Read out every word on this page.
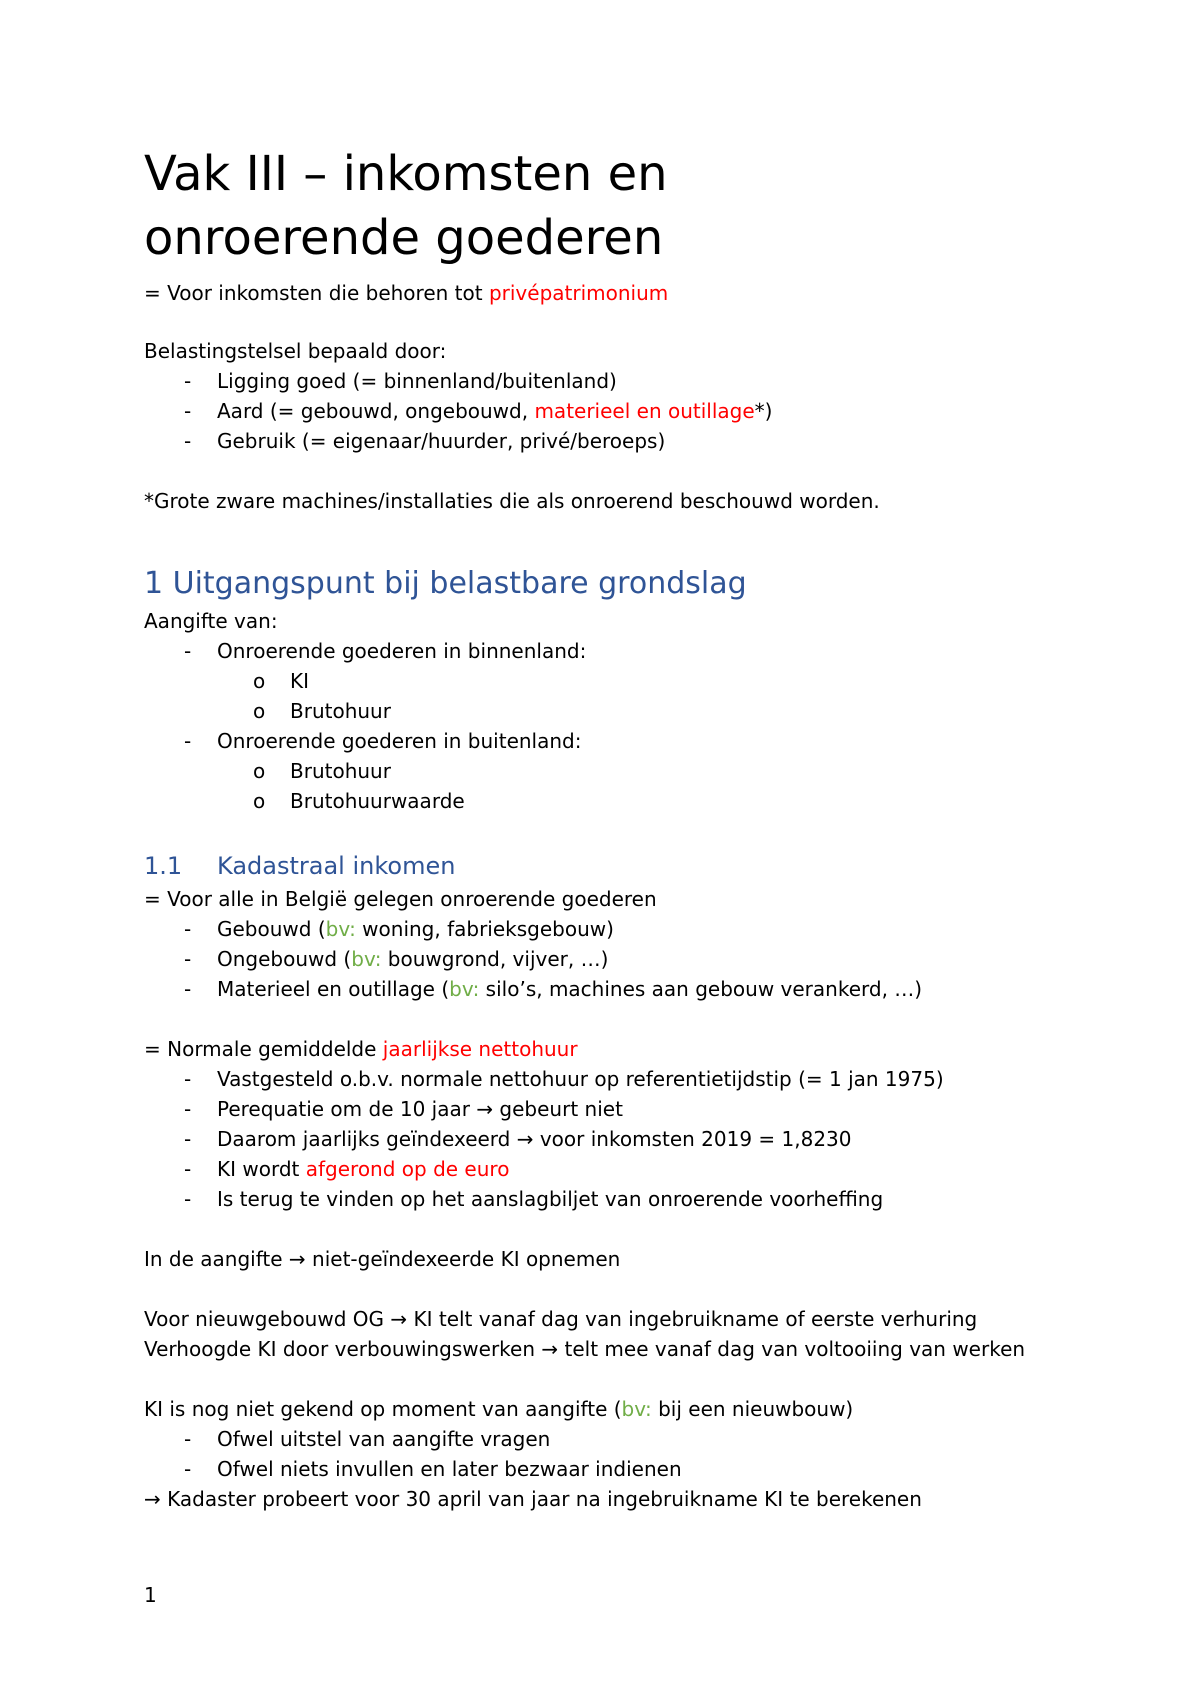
Vak III – inkomsten en
onroerende goederen
= Voor inkomsten die behoren tot privépatrimonium
Belastingstelsel bepaald door:
- Ligging goed (= binnenland/buitenland)
- Aard (= gebouwd, ongebouwd, materieel en outillage*)
- Gebruik (= eigenaar/huurder, privé/beroeps)
*Grote zware machines/installaties die als onroerend beschouwd worden.
1 Uitgangspunt bij belastbare grondslag
Aangifte van:
- Onroerende goederen in binnenland:
o KI
o Brutohuur
- Onroerende goederen in buitenland:
o Brutohuur
o Brutohuurwaarde
1.1 Kadastraal inkomen
= Voor alle in België gelegen onroerende goederen
- Gebouwd (bv: woning, fabrieksgebouw)
- Ongebouwd (bv: bouwgrond, vijver, …)
- Materieel en outillage (bv: silo’s, machines aan gebouw verankerd, …)
= Normale gemiddelde jaarlijkse nettohuur
- Vastgesteld o.b.v. normale nettohuur op referentietijdstip (= 1 jan 1975)
- Perequatie om de 10 jaar → gebeurt niet
- Daarom jaarlijks geïndexeerd → voor inkomsten 2019 = 1,8230
- KI wordt afgerond op de euro
- Is terug te vinden op het aanslagbiljet van onroerende voorheffing
In de aangifte → niet-geïndexeerde KI opnemen
Voor nieuwgebouwd OG → KI telt vanaf dag van ingebruikname of eerste verhuring
Verhoogde KI door verbouwingswerken → telt mee vanaf dag van voltooiing van werken
KI is nog niet gekend op moment van aangifte (bv: bij een nieuwbouw)
- Ofwel uitstel van aangifte vragen
- Ofwel niets invullen en later bezwaar indienen
→ Kadaster probeert voor 30 april van jaar na ingebruikname KI te berekenen
1
